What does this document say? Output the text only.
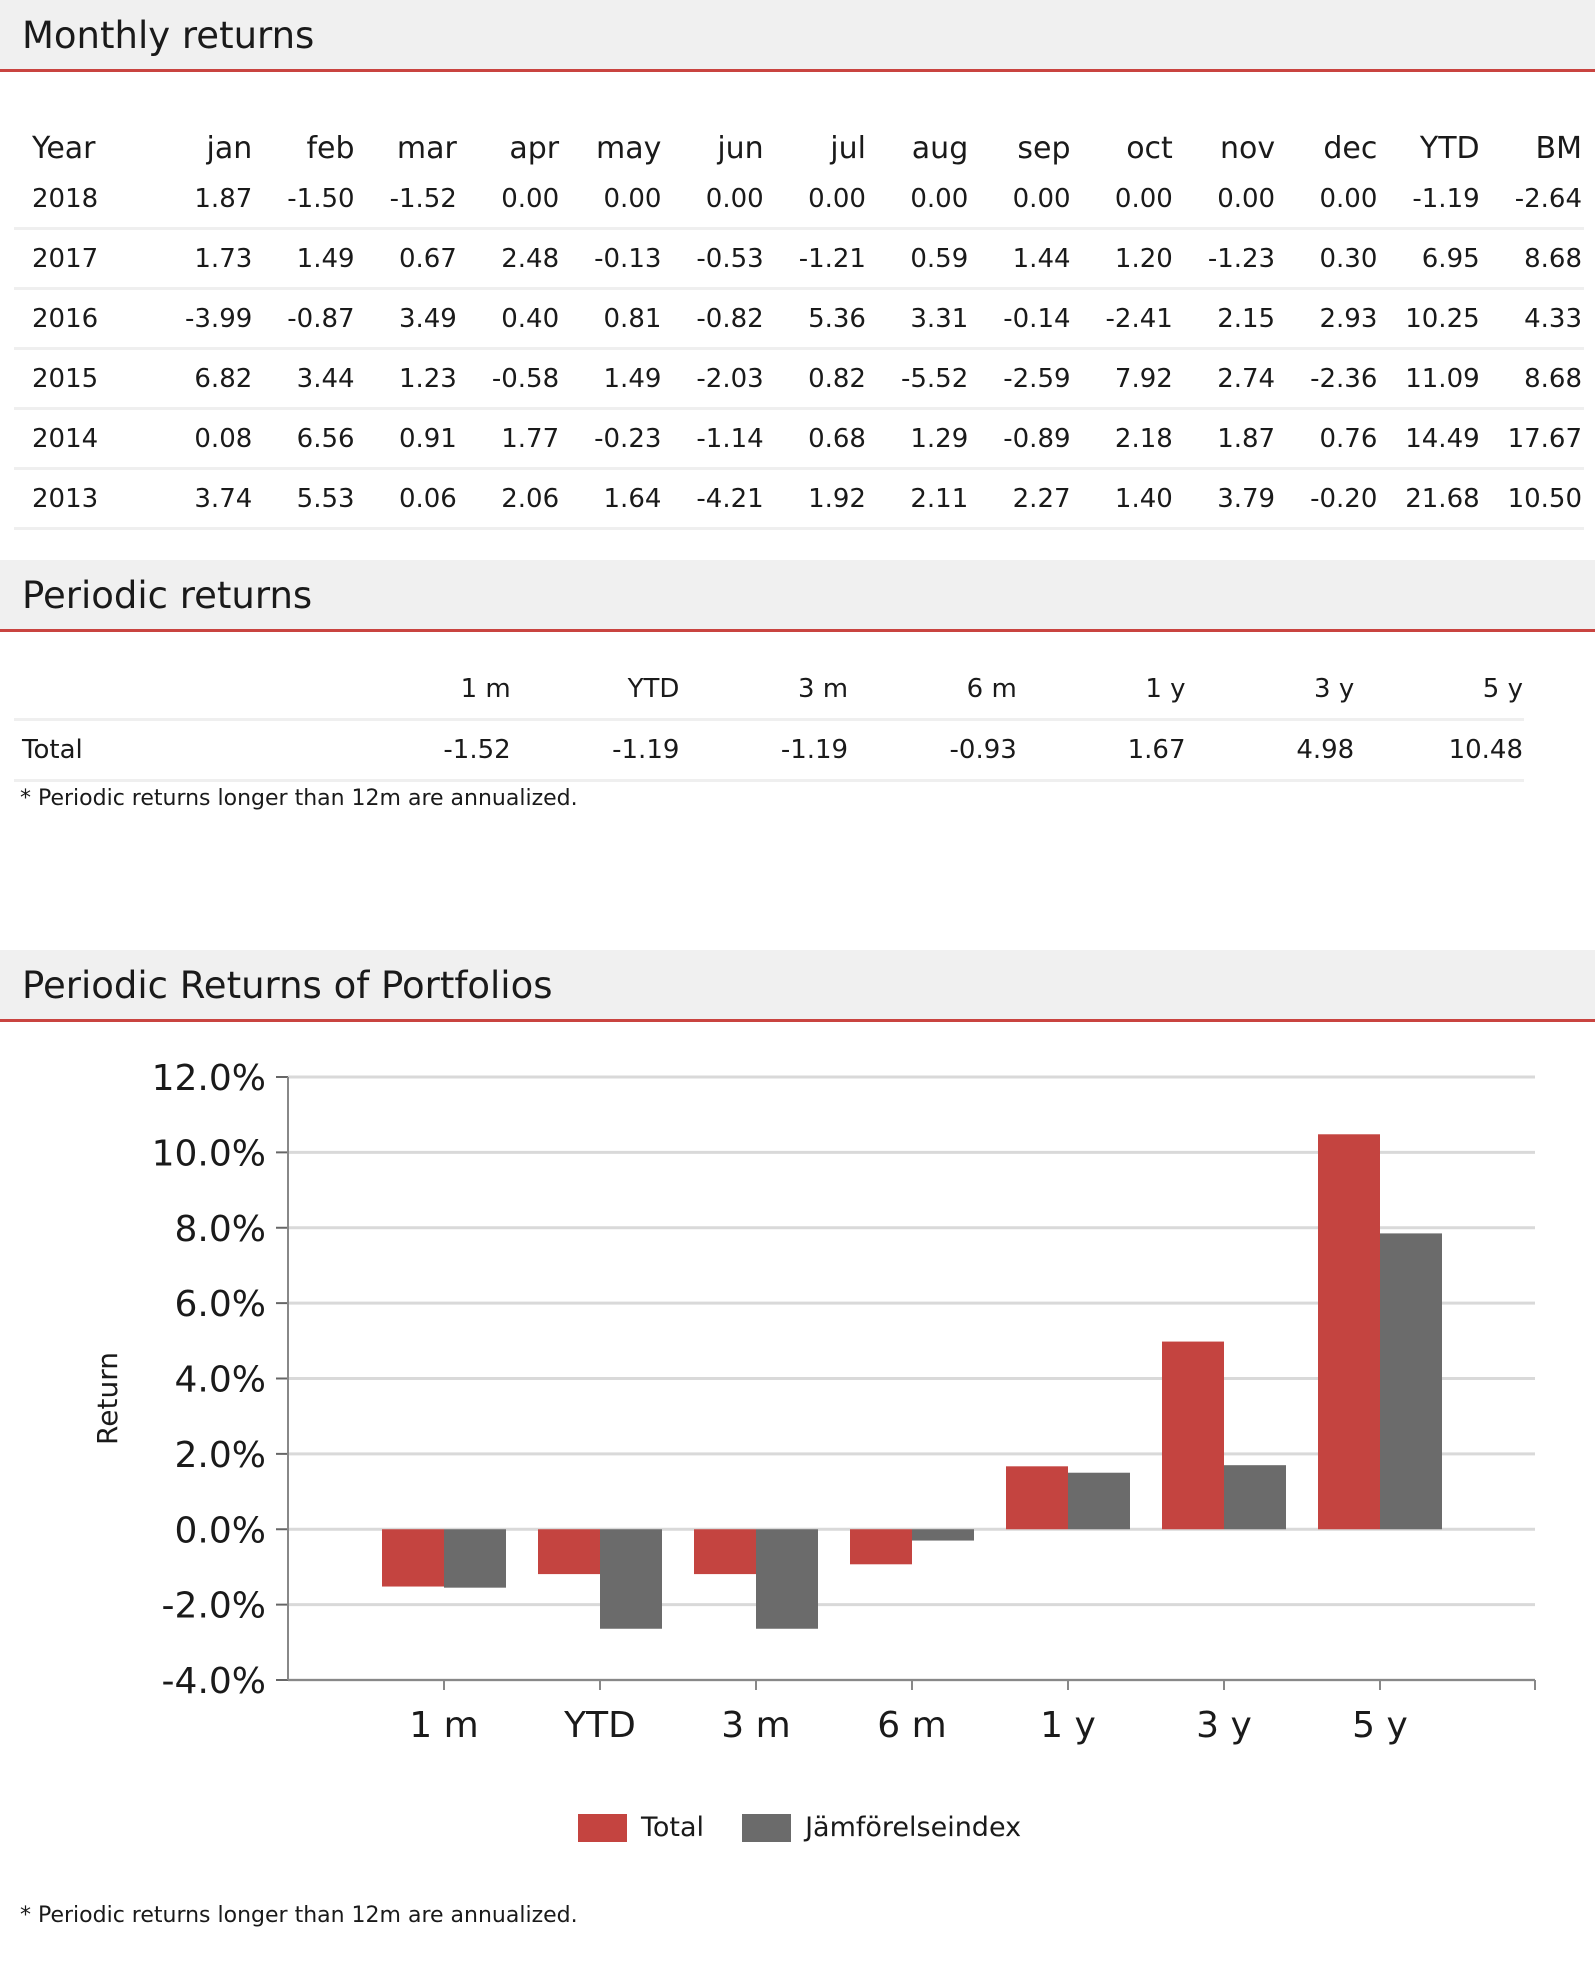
Monthly returns
Year	jan	feb	mar	apr	may	jun	jul	aug	sep	oct	nov	dec	YTD	BM
2018	1.87	-1.50	-1.52	0.00	0.00	0.00	0.00	0.00	0.00	0.00	0.00	0.00	-1.19	-2.64
2017	1.73	1.49	0.67	2.48	-0.13	-0.53	-1.21	0.59	1.44	1.20	-1.23	0.30	6.95	8.68
2016	-3.99	-0.87	3.49	0.40	0.81	-0.82	5.36	3.31	-0.14	-2.41	2.15	2.93	10.25	4.33
2015	6.82	3.44	1.23	-0.58	1.49	-2.03	0.82	-5.52	-2.59	7.92	2.74	-2.36	11.09	8.68
2014	0.08	6.56	0.91	1.77	-0.23	-1.14	0.68	1.29	-0.89	2.18	1.87	0.76	14.49	17.67
2013	3.74	5.53	0.06	2.06	1.64	-4.21	1.92	2.11	2.27	1.40	3.79	-0.20	21.68	10.50
Periodic returns
	1 m	YTD	3 m	6 m	1 y	3 y	5 y
Total	-1.52	-1.19	-1.19	-0.93	1.67	4.98	10.48
* Periodic returns longer than 12m are annualized.
Periodic Returns of Portfolios
-4.0%
-2.0%
0.0%
2.0%
4.0%
6.0%
8.0%
10.0%
12.0%
Return
1 m YTD 3 m 6 m	1 y	3 y	5 y
Total	Jämförelseindex
* Periodic returns longer than 12m are annualized.
